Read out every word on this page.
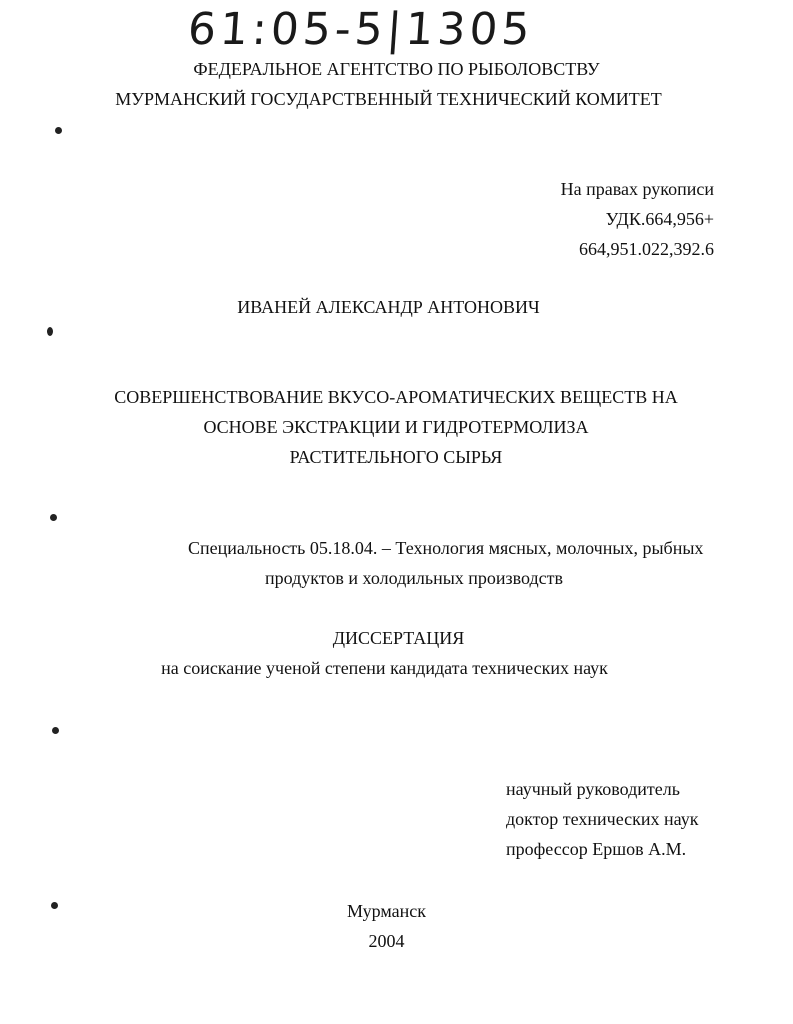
61:05-5|1305
ФЕДЕРАЛЬНОЕ АГЕНТСТВО ПО РЫБОЛОВСТВУ
МУРМАНСКИЙ ГОСУДАРСТВЕННЫЙ ТЕХНИЧЕСКИЙ КОМИТЕТ
На правах рукописи
УДК.664,956+
664,951.022,392.6
ИВАНЕЙ АЛЕКСАНДР АНТОНОВИЧ
СОВЕРШЕНСТВОВАНИЕ ВКУСО-АРОМАТИЧЕСКИХ ВЕЩЕСТВ НА
ОСНОВЕ ЭКСТРАКЦИИ И ГИДРОТЕРМОЛИЗА
РАСТИТЕЛЬНОГО СЫРЬЯ
Специальность 05.18.04. – Технология мясных, молочных, рыбных
продуктов и холодильных производств
ДИССЕРТАЦИЯ
на соискание ученой степени кандидата технических наук
научный руководитель
доктор технических наук
профессор Ершов А.М.
Мурманск
2004
